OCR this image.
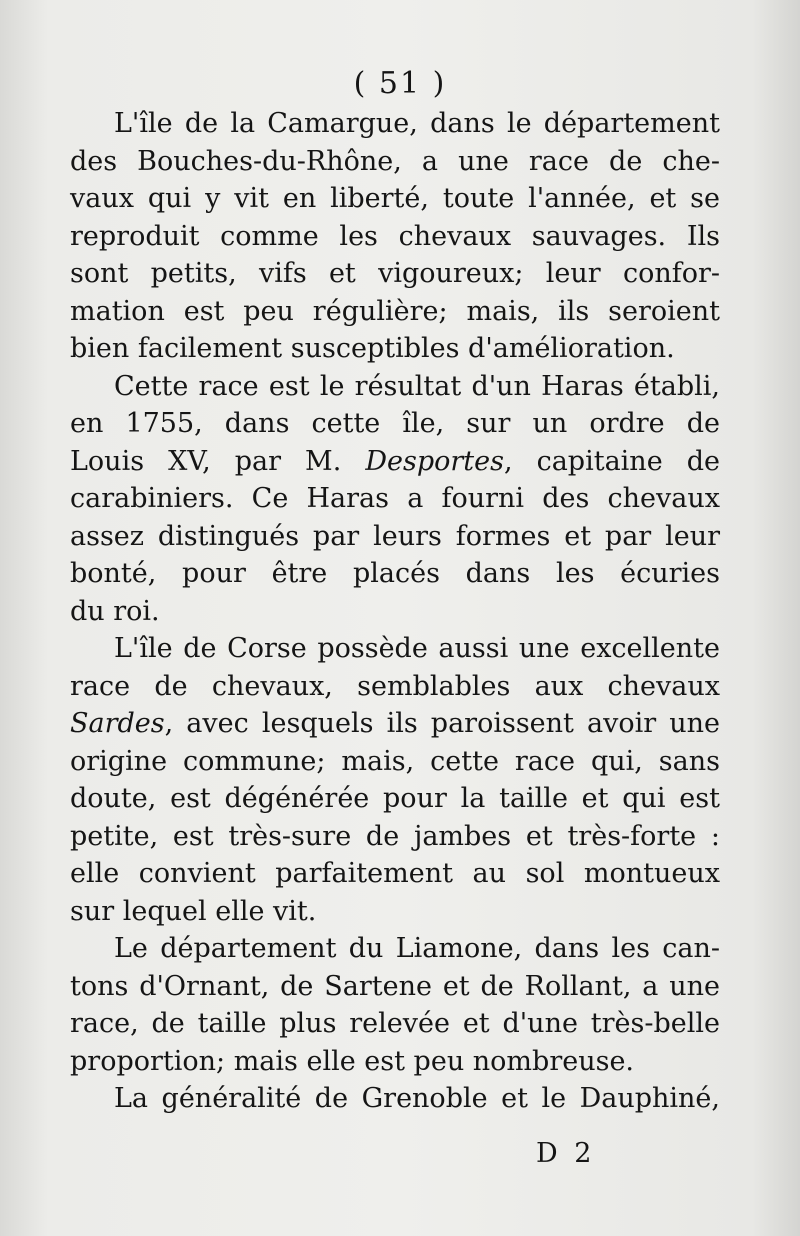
( 51 )
L'île de la Camargue, dans le département
des Bouches-du-Rhône, a une race de che-
vaux qui y vit en liberté, toute l'année, et se
reproduit comme les chevaux sauvages. Ils
sont petits, vifs et vigoureux; leur confor-
mation est peu régulière; mais, ils seroient
bien facilement susceptibles d'amélioration.
Cette race est le résultat d'un Haras établi,
en 1755, dans cette île, sur un ordre de
Louis XV, par M. Desportes, capitaine de
carabiniers. Ce Haras a fourni des chevaux
assez distingués par leurs formes et par leur
bonté, pour être placés dans les écuries
du roi.
L'île de Corse possède aussi une excellente
race de chevaux, semblables aux chevaux
Sardes, avec lesquels ils paroissent avoir une
origine commune; mais, cette race qui, sans
doute, est dégénérée pour la taille et qui est
petite, est très-sure de jambes et très-forte :
elle convient parfaitement au sol montueux
sur lequel elle vit.
Le département du Liamone, dans les can-
tons d'Ornant, de Sartene et de Rollant, a une
race, de taille plus relevée et d'une très-belle
proportion; mais elle est peu nombreuse.
La généralité de Grenoble et le Dauphiné,
D 2
